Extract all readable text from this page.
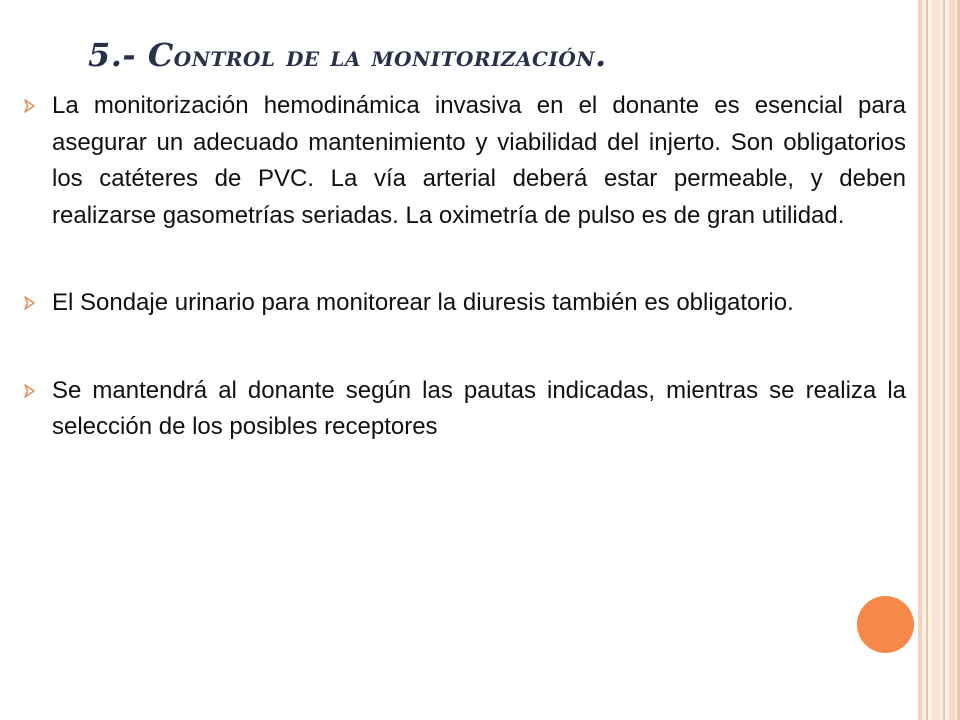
5.- Control de la monitorización.
La monitorización hemodinámica invasiva en el donante es esencial para asegurar un adecuado mantenimiento y viabilidad del injerto. Son obligatorios los catéteres de PVC. La vía arterial deberá estar permeable, y deben realizarse gasometrías seriadas. La oximetría de pulso es de gran utilidad.
El Sondaje urinario para monitorear la diuresis también es obligatorio.
Se mantendrá al donante según las pautas indicadas, mientras se realiza la selección de los posibles receptores
